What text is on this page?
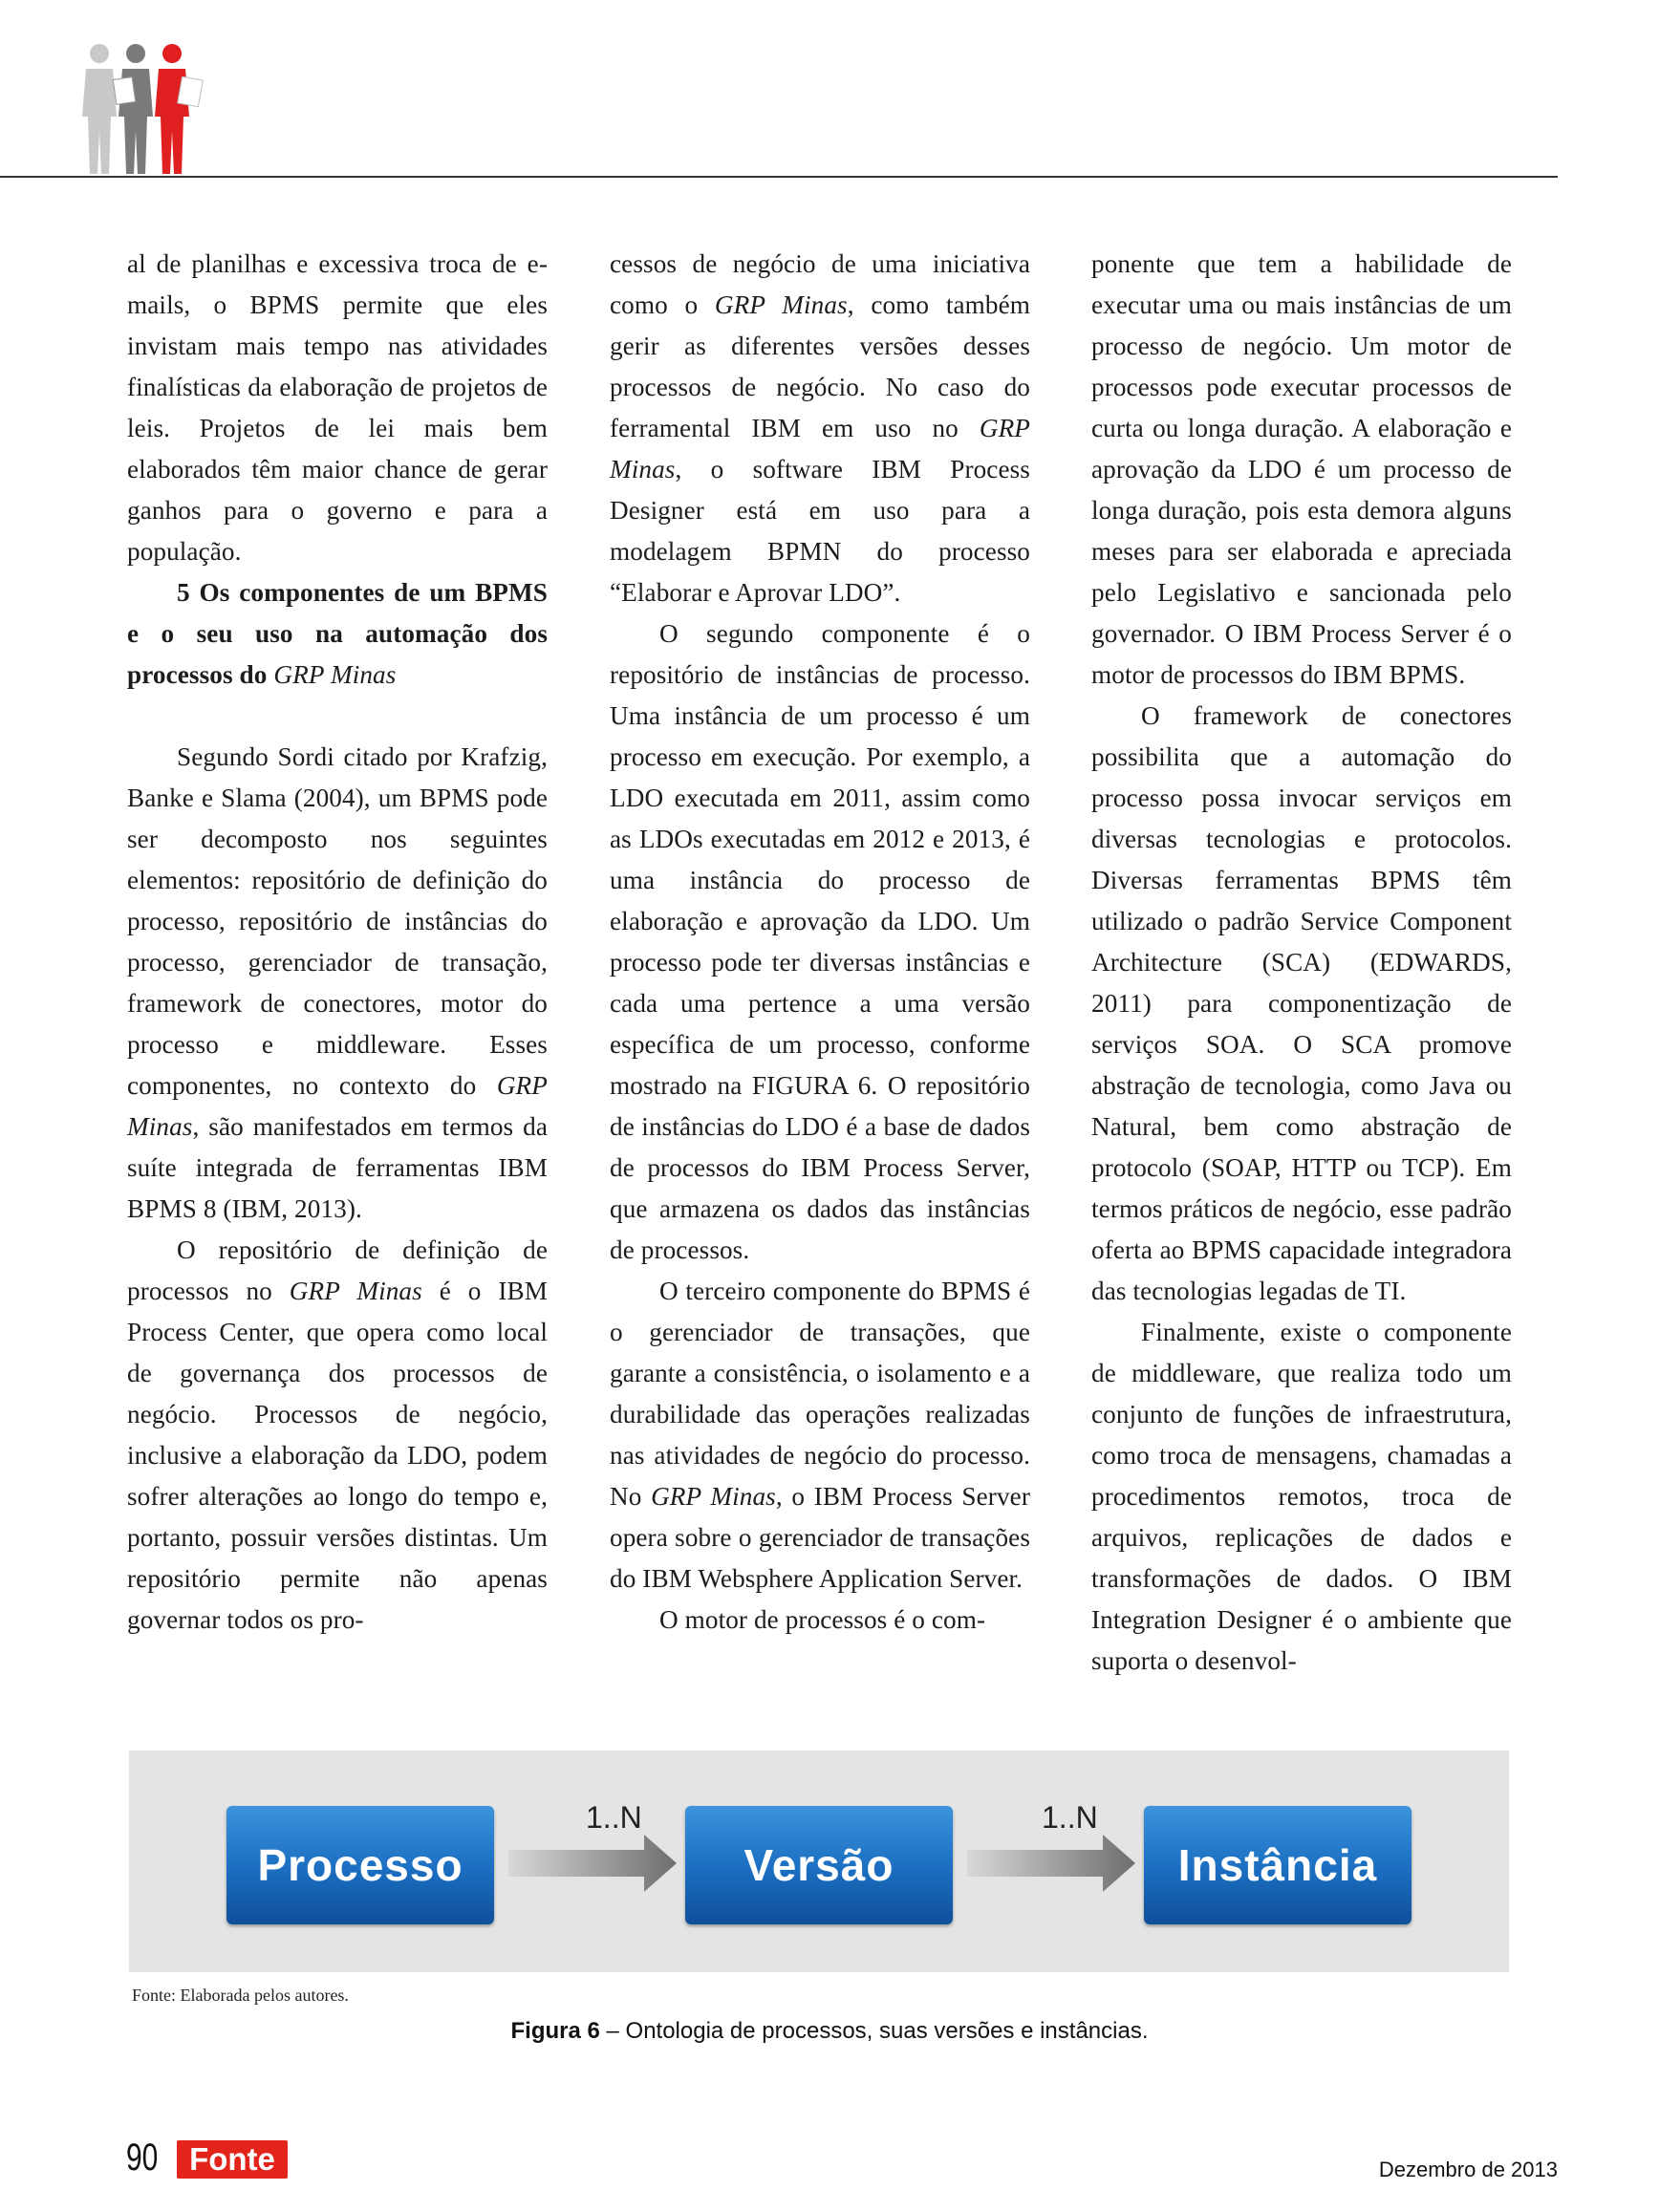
al de planilhas e excessiva troca de e-mails, o BPMS permite que eles invistam mais tempo nas atividades finalísticas da elaboração de projetos de leis. Projetos de lei mais bem elaborados têm maior chance de gerar ganhos para o governo e para a população.

5 Os componentes de um BPMS e o seu uso na automação dos processos do GRP Minas

Segundo Sordi citado por Krafzig, Banke e Slama (2004), um BPMS pode ser decomposto nos seguintes elementos: repositório de definição do processo, repositório de instâncias do processo, gerenciador de transação, framework de conectores, motor do processo e middleware. Esses componentes, no contexto do GRP Minas, são manifestados em termos da suíte integrada de ferramentas IBM BPMS 8 (IBM, 2013).

O repositório de definição de processos no GRP Minas é o IBM Process Center, que opera como local de governança dos processos de negócio. Processos de negócio, inclusive a elaboração da LDO, podem sofrer alterações ao longo do tempo e, portanto, possuir versões distintas. Um repositório permite não apenas governar todos os pro-

cessos de negócio de uma iniciativa como o GRP Minas, como também gerir as diferentes versões desses processos de negócio. No caso do ferramental IBM em uso no GRP Minas, o software IBM Process Designer está em uso para a modelagem BPMN do processo “Elaborar e Aprovar LDO”.

O segundo componente é o repositório de instâncias de processo. Uma instância de um processo é um processo em execução. Por exemplo, a LDO executada em 2011, assim como as LDOs executadas em 2012 e 2013, é uma instância do processo de elaboração e aprovação da LDO. Um processo pode ter diversas instâncias e cada uma pertence a uma versão específica de um processo, conforme mostrado na FIGURA 6. O repositório de instâncias do LDO é a base de dados de processos do IBM Process Server, que armazena os dados das instâncias de processos.

O terceiro componente do BPMS é o gerenciador de transações, que garante a consistência, o isolamento e a durabilidade das operações realizadas nas atividades de negócio do processo. No GRP Minas, o IBM Process Server opera sobre o gerenciador de transações do IBM Websphere Application Server.

O motor de processos é o com-

ponente que tem a habilidade de executar uma ou mais instâncias de um processo de negócio. Um motor de processos pode executar processos de curta ou longa duração. A elaboração e aprovação da LDO é um processo de longa duração, pois esta demora alguns meses para ser elaborada e apreciada pelo Legislativo e sancionada pelo governador. O IBM Process Server é o motor de processos do IBM BPMS.

O framework de conectores possibilita que a automação do processo possa invocar serviços em diversas tecnologias e protocolos. Diversas ferramentas BPMS têm utilizado o padrão Service Component Architecture (SCA) (EDWARDS, 2011) para componentização de serviços SOA. O SCA promove abstração de tecnologia, como Java ou Natural, bem como abstração de protocolo (SOAP, HTTP ou TCP). Em termos práticos de negócio, esse padrão oferta ao BPMS capacidade integradora das tecnologias legadas de TI.

Finalmente, existe o componente de middleware, que realiza todo um conjunto de funções de infraestrutura, como troca de mensagens, chamadas a procedimentos remotos, troca de arquivos, replicações de dados e transformações de dados. O IBM Integration Designer é o ambiente que suporta o desenvol-

Processo
1..N
Versão
1..N
Instância
Fonte: Elaborada pelos autores.
Figura 6 – Ontologia de processos, suas versões e instâncias.
90 Fonte	Dezembro de 2013
